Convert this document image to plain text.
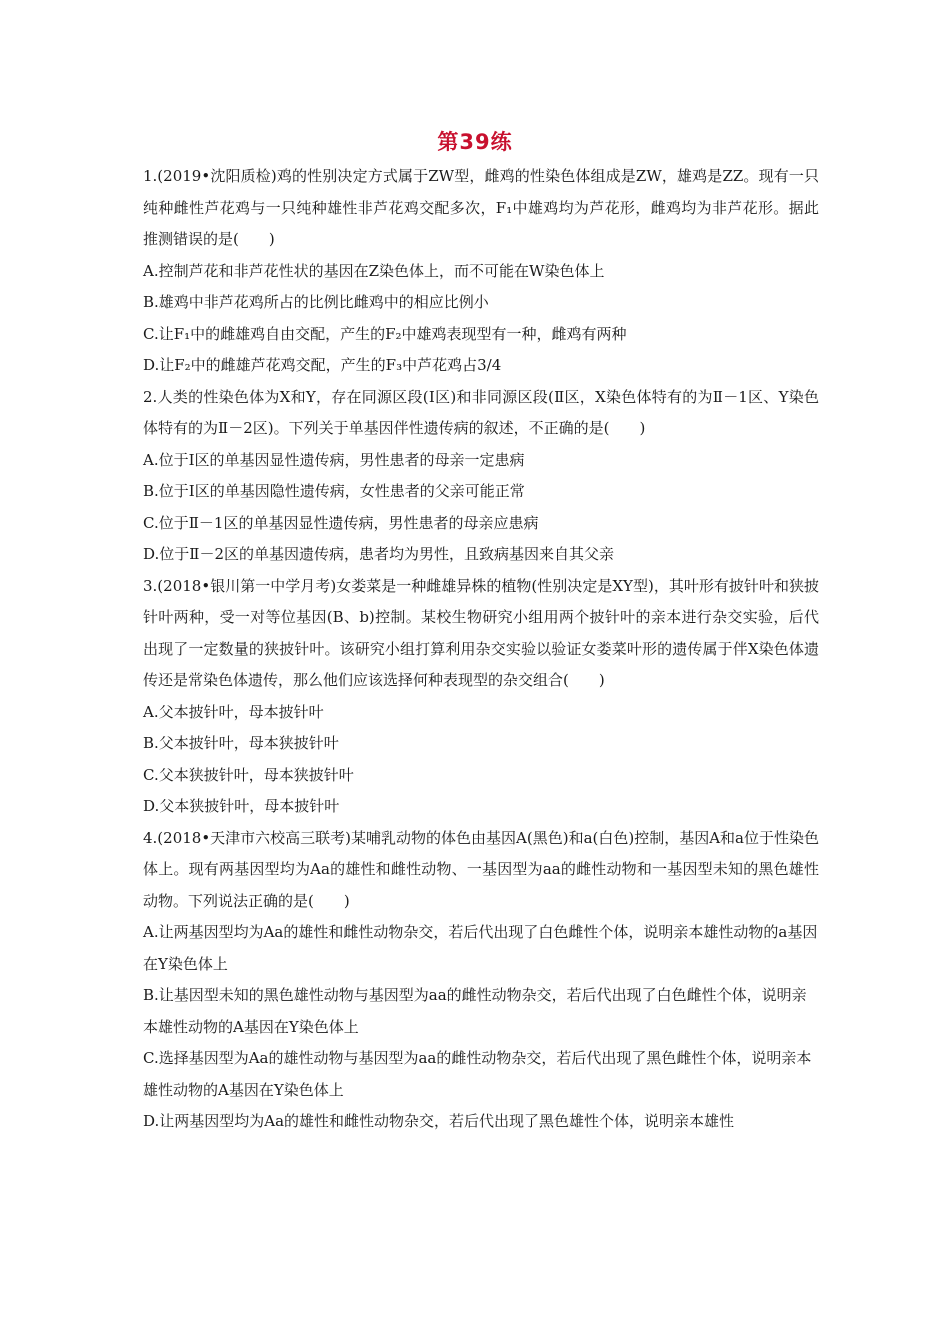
第39练

1.(2019•沈阳质检)鸡的性别决定方式属于ZW型，雌鸡的性染色体组成是ZW，雄鸡是ZZ。现有一只纯种雌性芦花鸡与一只纯种雄性非芦花鸡交配多次，F₁中雄鸡均为芦花形，雌鸡均为非芦花形。据此推测错误的是(　　)

A.控制芦花和非芦花性状的基因在Z染色体上，而不可能在W染色体上

B.雄鸡中非芦花鸡所占的比例比雌鸡中的相应比例小

C.让F₁中的雌雄鸡自由交配，产生的F₂中雄鸡表现型有一种，雌鸡有两种

D.让F₂中的雌雄芦花鸡交配，产生的F₃中芦花鸡占3/4

2.人类的性染色体为X和Y，存在同源区段(Ⅰ区)和非同源区段(Ⅱ区，X染色体特有的为Ⅱ－1区、Y染色体特有的为Ⅱ－2区)。下列关于单基因伴性遗传病的叙述，不正确的是(　　)

A.位于Ⅰ区的单基因显性遗传病，男性患者的母亲一定患病

B.位于Ⅰ区的单基因隐性遗传病，女性患者的父亲可能正常

C.位于Ⅱ－1区的单基因显性遗传病，男性患者的母亲应患病

D.位于Ⅱ－2区的单基因遗传病，患者均为男性，且致病基因来自其父亲

3.(2018•银川第一中学月考)女娄菜是一种雌雄异株的植物(性别决定是XY型)，其叶形有披针叶和狭披针叶两种，受一对等位基因(B、b)控制。某校生物研究小组用两个披针叶的亲本进行杂交实验，后代出现了一定数量的狭披针叶。该研究小组打算利用杂交实验以验证女娄菜叶形的遗传属于伴X染色体遗传还是常染色体遗传，那么他们应该选择何种表现型的杂交组合(　　)

A.父本披针叶，母本披针叶

B.父本披针叶，母本狭披针叶

C.父本狭披针叶，母本狭披针叶

D.父本狭披针叶，母本披针叶

4.(2018•天津市六校高三联考)某哺乳动物的体色由基因A(黑色)和a(白色)控制，基因A和a位于性染色体上。现有两基因型均为Aa的雄性和雌性动物、一基因型为aa的雌性动物和一基因型未知的黑色雄性动物。下列说法正确的是(　　)

A.让两基因型均为Aa的雄性和雌性动物杂交，若后代出现了白色雌性个体，说明亲本雄性动物的a基因在Y染色体上

B.让基因型未知的黑色雄性动物与基因型为aa的雌性动物杂交，若后代出现了白色雌性个体，说明亲本雄性动物的A基因在Y染色体上

C.选择基因型为Aa的雄性动物与基因型为aa的雌性动物杂交，若后代出现了黑色雌性个体，说明亲本雄性动物的A基因在Y染色体上

D.让两基因型均为Aa的雄性和雌性动物杂交，若后代出现了黑色雄性个体，说明亲本雄性
